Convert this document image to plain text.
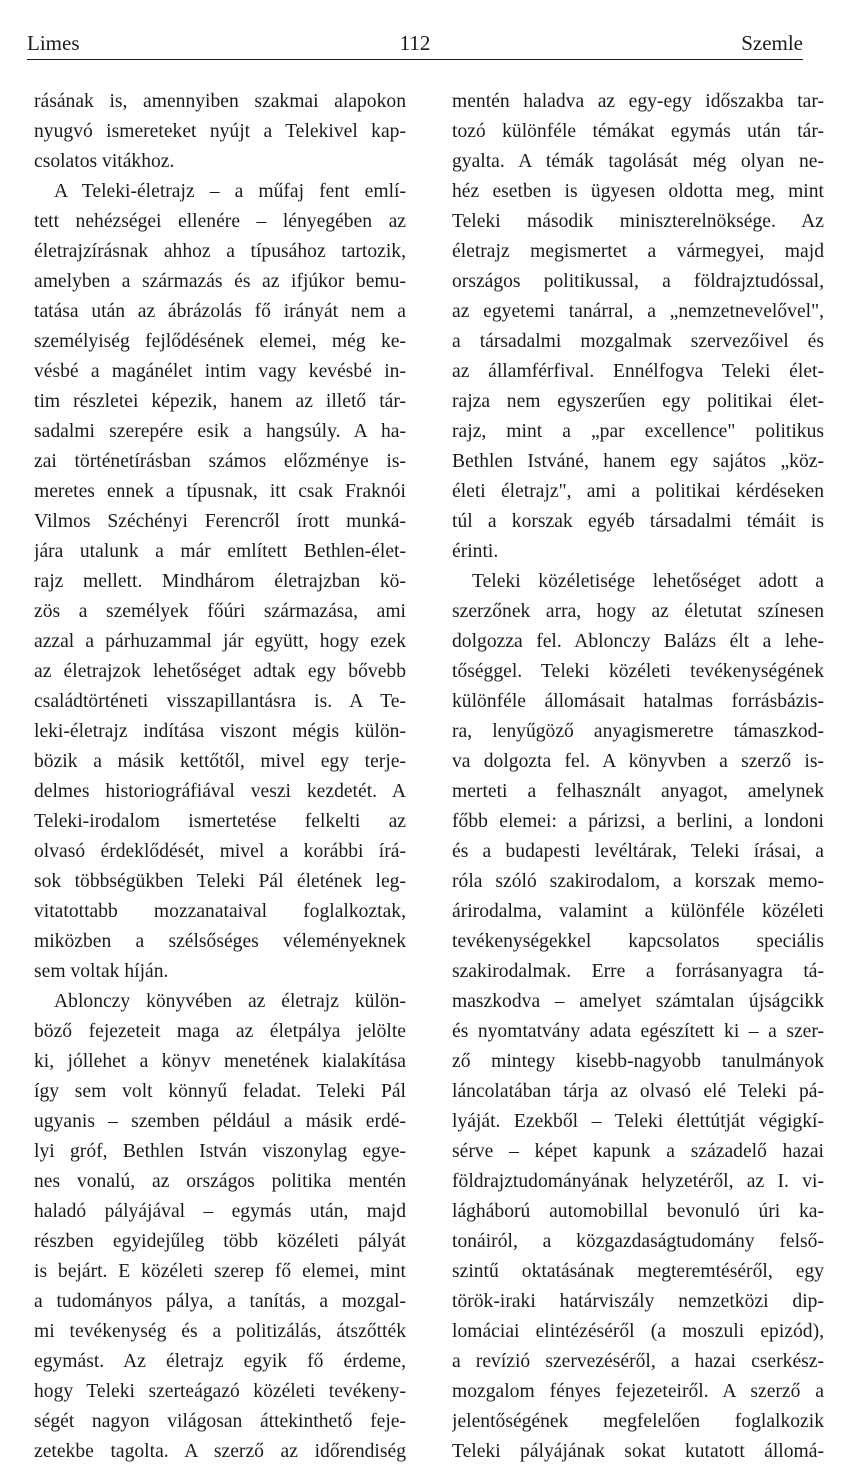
Limes	112	Szemle
rásának is, amennyiben szakmai alapokon
nyugvó ismereteket nyújt a Telekivel kap-
csolatos vitákhoz.
A Teleki-életrajz – a műfaj fent emlí-
tett nehézségei ellenére – lényegében az
életrajzírásnak ahhoz a típusához tartozik,
amelyben a származás és az ifjúkor bemu-
tatása után az ábrázolás fő irányát nem a
személyiség fejlődésének elemei, még ke-
vésbé a magánélet intim vagy kevésbé in-
tim részletei képezik, hanem az illető tár-
sadalmi szerepére esik a hangsúly. A ha-
zai történetírásban számos előzménye is-
meretes ennek a típusnak, itt csak Fraknói
Vilmos Széchényi Ferencről írott munká-
jára utalunk a már említett Bethlen-élet-
rajz mellett. Mindhárom életrajzban kö-
zös a személyek főúri származása, ami
azzal a párhuzammal jár együtt, hogy ezek
az életrajzok lehetőséget adtak egy bővebb
családtörténeti visszapillantásra is. A Te-
leki-életrajz indítása viszont mégis külön-
bözik a másik kettőtől, mivel egy terje-
delmes historiográfiával veszi kezdetét. A
Teleki-irodalom ismertetése felkelti az
olvasó érdeklődését, mivel a korábbi írá-
sok többségükben Teleki Pál életének leg-
vitatottabb mozzanataival foglalkoztak,
miközben a szélsőséges véleményeknek
sem voltak híján.
Ablonczy könyvében az életrajz külön-
böző fejezeteit maga az életpálya jelölte
ki, jóllehet a könyv menetének kialakítása
így sem volt könnyű feladat. Teleki Pál
ugyanis – szemben például a másik erdé-
lyi gróf, Bethlen István viszonylag egye-
nes vonalú, az országos politika mentén
haladó pályájával – egymás után, majd
részben egyidejűleg több közéleti pályát
is bejárt. E közéleti szerep fő elemei, mint
a tudományos pálya, a tanítás, a mozgal-
mi tevékenység és a politizálás, átszőtték
egymást. Az életrajz egyik fő érdeme,
hogy Teleki szerteágazó közéleti tevékeny-
ségét nagyon világosan áttekinthető feje-
zetekbe tagolta. A szerző az időrendiség
mentén haladva az egy-egy időszakba tar-
tozó különféle témákat egymás után tár-
gyalta. A témák tagolását még olyan ne-
héz esetben is ügyesen oldotta meg, mint
Teleki második miniszterelnöksége. Az
életrajz megismertet a vármegyei, majd
országos politikussal, a földrajztudóssal,
az egyetemi tanárral, a „nemzetnevelővel",
a társadalmi mozgalmak szervezőivel és
az államférfival. Ennélfogva Teleki élet-
rajza nem egyszerűen egy politikai élet-
rajz, mint a „par excellence" politikus
Bethlen Istváné, hanem egy sajátos „köz-
életi életrajz", ami a politikai kérdéseken
túl a korszak egyéb társadalmi témáit is
érinti.
Teleki közéletisége lehetőséget adott a
szerzőnek arra, hogy az életutat színesen
dolgozza fel. Ablonczy Balázs élt a lehe-
tőséggel. Teleki közéleti tevékenységének
különféle állomásait hatalmas forrásbázis-
ra, lenyűgöző anyagismeretre támaszkod-
va dolgozta fel. A könyvben a szerző is-
merteti a felhasznált anyagot, amelynek
főbb elemei: a párizsi, a berlini, a londoni
és a budapesti levéltárak, Teleki írásai, a
róla szóló szakirodalom, a korszak memo-
árirodalma, valamint a különféle közéleti
tevékenységekkel kapcsolatos speciális
szakirodalmak. Erre a forrásanyagra tá-
maszkodva – amelyet számtalan újságcikk
és nyomtatvány adata egészített ki – a szer-
ző mintegy kisebb-nagyobb tanulmányok
láncolatában tárja az olvasó elé Teleki pá-
lyáját. Ezekből – Teleki élettútját végigkí-
sérve – képet kapunk a századelő hazai
földrajztudományának helyzetéről, az I. vi-
lágháború automobillal bevonuló úri ka-
tonáiról, a közgazdaságtudomány felső-
szintű oktatásának megteremtéséről, egy
török-iraki határviszály nemzetközi dip-
lomáciai elintézéséről (a moszuli epizód),
a revízió szervezéséről, a hazai cserkész-
mozgalom fényes fejezeteiről. A szerző a
jelentőségének megfelelően foglalkozik
Teleki pályájának sokat kutatott állomá-
